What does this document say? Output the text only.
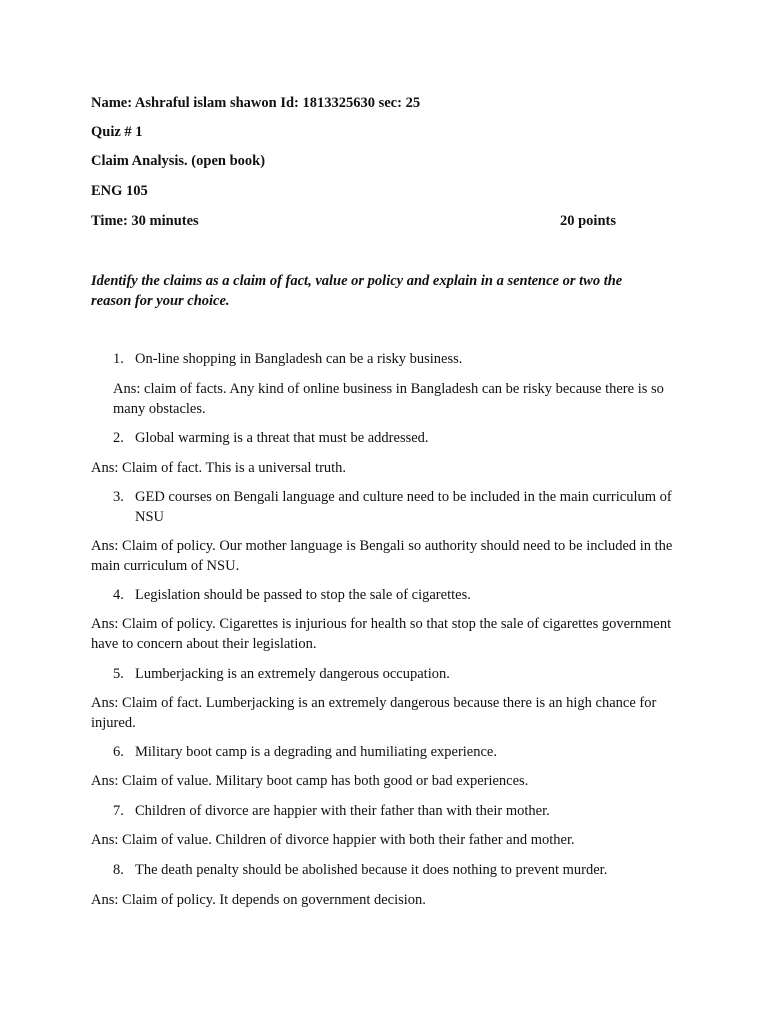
Name: Ashraful islam shawon Id: 1813325630 sec: 25
Quiz # 1
Claim Analysis. (open book)
ENG 105
Time: 30 minutes	20 points
Identify the claims as a claim of fact, value or policy and explain in a sentence or two the reason for your choice.
1. On-line shopping in Bangladesh can be a risky business.
Ans: claim of facts. Any kind of online business in Bangladesh can be risky because there is so many obstacles.
2. Global warming is a threat that must be addressed.
Ans: Claim of fact. This is a universal truth.
3. GED courses on Bengali language and culture need to be included in the main curriculum of NSU
Ans: Claim of policy. Our mother language is Bengali so authority should need to be included in the main curriculum of NSU.
4. Legislation should be passed to stop the sale of cigarettes.
Ans: Claim of policy. Cigarettes is injurious for health so that stop the sale of cigarettes government have to concern about their legislation.
5. Lumberjacking is an extremely dangerous occupation.
Ans: Claim of fact. Lumberjacking is an extremely dangerous because there is an high chance for injured.
6. Military boot camp is a degrading and humiliating experience.
Ans: Claim of value. Military boot camp has both good or bad experiences.
7. Children of divorce are happier with their father than with their mother.
Ans: Claim of value. Children of divorce happier with both their father and mother.
8. The death penalty should be abolished because it does nothing to prevent murder.
Ans: Claim of policy. It depends on government decision.
